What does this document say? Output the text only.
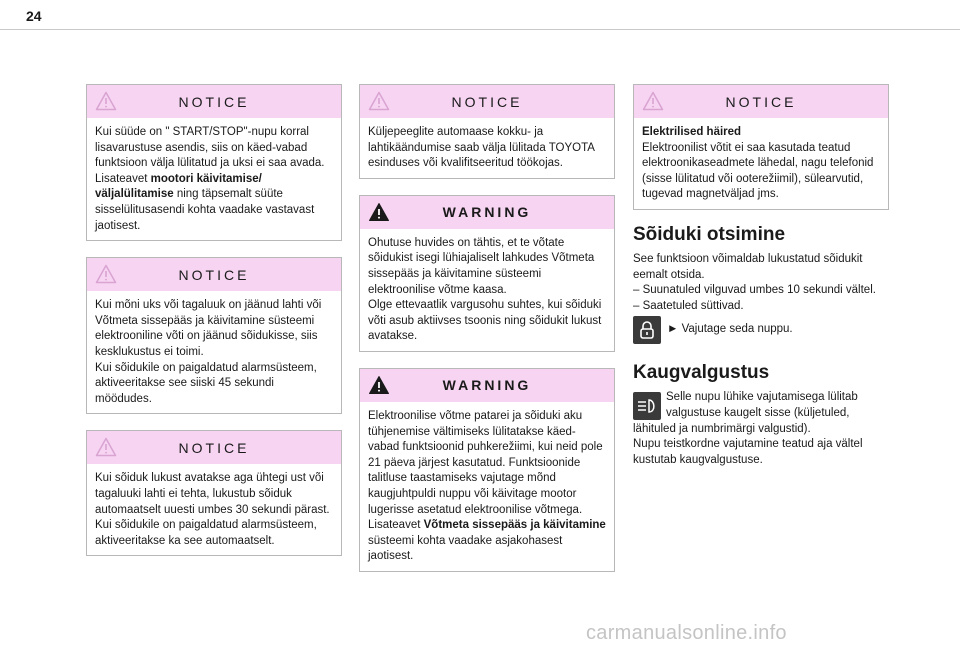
24
NOTICE

Kui süüde on " START/STOP"-nupu korral lisavarustuse asendis, siis on käed-vabad funktsioon välja lülitatud ja uksi ei saa avada.

Lisateavet mootori käivitamise/ väljalülitamise ning täpsemalt süüte sisselülitusasendi kohta vaadake vastavast jaotisest.

NOTICE

Kui mõni uks või tagaluuk on jäänud lahti või Võtmeta sissepääs ja käivitamine süsteemi elektrooniline võti on jäänud sõidukisse, siis kesklukustus ei toimi.

Kui sõidukile on paigaldatud alarmsüsteem, aktiveeritakse see siiski 45 sekundi möödudes.

NOTICE

Kui sõiduk lukust avatakse aga ühtegi ust või tagaluuki lahti ei tehta, lukustub sõiduk automaatselt uuesti umbes 30 sekundi pärast.

Kui sõidukile on paigaldatud alarmsüsteem, aktiveeritakse ka see automaatselt.

NOTICE

Küljepeeglite automaase kokku- ja lahtikäändumise saab välja lülitada TOYOTA esinduses või kvalifitseeritud töökojas.

WARNING

Ohutuse huvides on tähtis, et te võtate sõidukist isegi lühiajaliselt lahkudes Võtmeta sissepääs ja käivitamine süsteemi elektroonilise võtme kaasa.

Olge ettevaatlik vargusohu suhtes, kui sõiduki võti asub aktiivses tsoonis ning sõidukit lukust avatakse.

WARNING

Elektroonilise võtme patarei ja sõiduki aku tühjenemise vältimiseks lülitatakse käed-vabad funktsioonid puhkerežiimi, kui neid pole 21 päeva järjest kasutatud. Funktsioonide talitluse taastamiseks vajutage mõnd kaugjuhtpuldi nuppu või käivitage mootor lugerisse asetatud elektroonilise võtmega.

Lisateavet Võtmeta sissepääs ja käivitamine süsteemi kohta vaadake asjakohasest jaotisest.

NOTICE

Elektrilised häired

Elektroonilist võtit ei saa kasutada teatud elektroonikaseadmete lähedal, nagu telefonid (sisse lülitatud või ooterežiimil), sülearvutid, tugevad magnetväljad jms.

Sõiduki otsimine

See funktsioon võimaldab lukustatud sõidukit eemalt otsida.

– Suunatuled vilguvad umbes 10 sekundi vältel.

– Saatetuled süttivad.

► Vajutage seda nuppu.

Kaugvalgustus

Selle nupu lühike vajutamisega lülitab valgustuse kaugelt sisse (küljetuled, lähituled ja numbrimärgi valgustid).

Nupu teistkordne vajutamine teatud aja vältel kustutab kaugvalgustuse.

carmanualsonline.info
